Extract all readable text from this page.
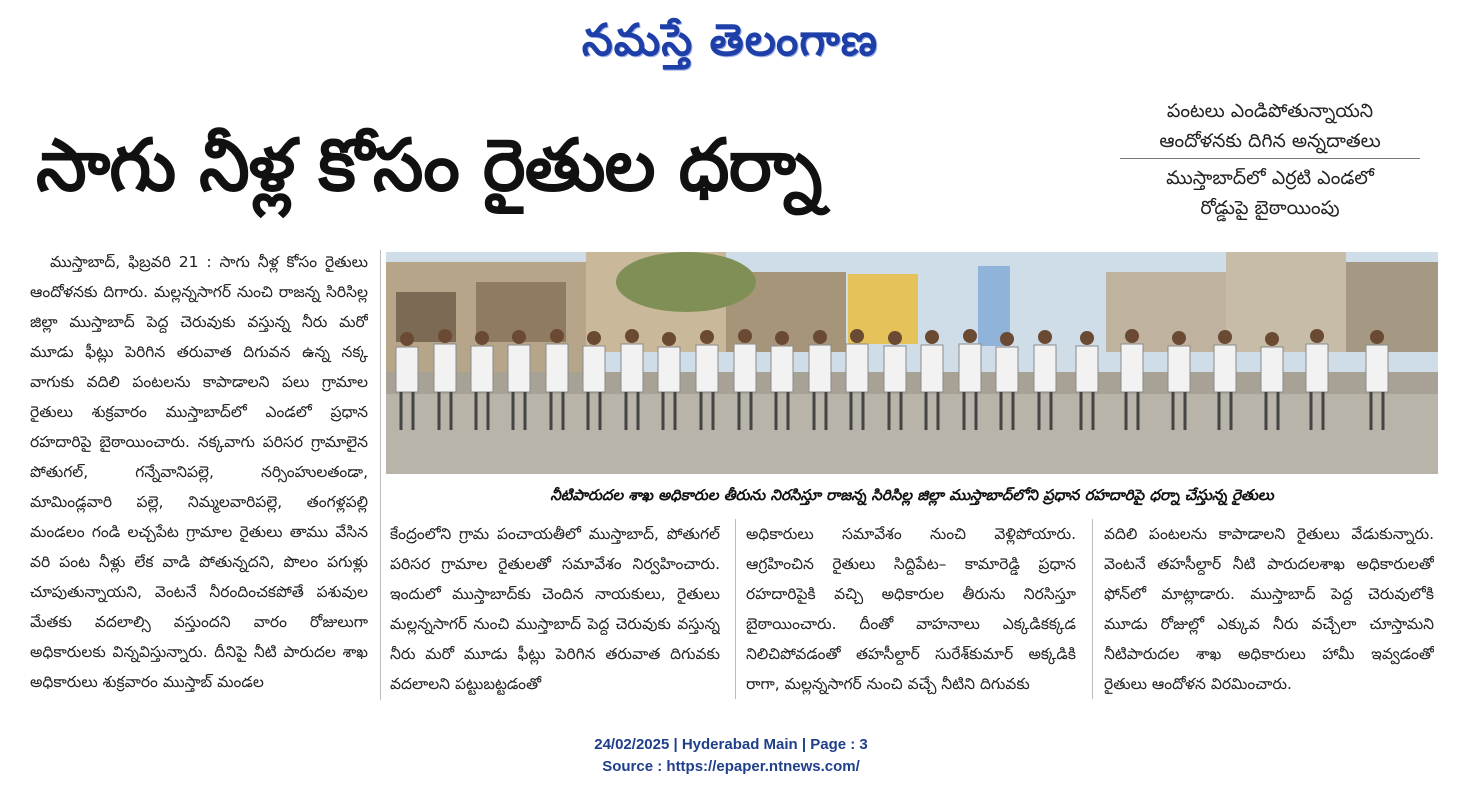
నమస్తే తెలంగాణ
సాగు నీళ్ల కోసం రైతుల ధర్నా
పంటలు ఎండిపోతున్నాయని
ఆందోళనకు దిగిన అన్నదాతలు
ముస్తాబాద్‌లో ఎర్రటి ఎండలో
రోడ్డుపై బైఠాయింపు
ముస్తాబాద్, ఫిబ్రవరి 21 : సాగు నీళ్ల కోసం రైతులు ఆందోళనకు దిగారు. మల్లన్నసాగర్ నుంచి రాజన్న సిరిసిల్ల జిల్లా ముస్తాబాద్ పెద్ద చెరువుకు వస్తున్న నీరు మరో మూడు ఫీట్లు పెరిగిన తరువాత దిగువన ఉన్న నక్క వాగుకు వదిలి పంటలను కాపాడాలని పలు గ్రామాల రైతులు శుక్రవారం ముస్తాబాద్‌లో ఎండలో ప్రధాన రహదారిపై బైఠాయించారు. నక్కవాగు పరిసర గ్రామాలైన పోతుగల్, గన్నేవానిపల్లె, నర్సింహులతండా, మామిండ్లవారి పల్లె, నిమ్మలవారిపల్లె, తంగళ్లపల్లి మండలం గండి లచ్చపేట గ్రామాల రైతులు తాము వేసిన వరి పంట నీళ్లు లేక వాడి పోతున్నదని, పొలం పగుళ్లు చూపుతున్నాయని, వెంటనే నీరందించకపోతే పశువుల మేతకు వదలాల్సి వస్తుందని వారం రోజులుగా అధికారులకు విన్నవిస్తున్నారు. దీనిపై నీటి పారుదల శాఖ అధికారులు శుక్రవారం ముస్తాబ్ మండల
నీటిపారుదల శాఖ అధికారుల తీరును నిరసిస్తూ రాజన్న సిరిసిల్ల జిల్లా ముస్తాబాద్‌లోని ప్రధాన రహదారిపై ధర్నా చేస్తున్న రైతులు
కేంద్రంలోని గ్రామ పంచాయతీలో ముస్తాబాద్, పోతుగల్ పరిసర గ్రామాల రైతులతో సమావేశం నిర్వహించారు. ఇందులో ముస్తాబాద్‌కు చెందిన నాయకులు, రైతులు మల్లన్నసాగర్ నుంచి ముస్తాబాద్ పెద్ద చెరువుకు వస్తున్న నీరు మరో మూడు ఫీట్లు పెరిగిన తరువాత దిగువకు వదలాలని పట్టుబట్టడంతో
అధికారులు సమావేశం నుంచి వెళ్లిపోయారు. ఆగ్రహించిన రైతులు సిద్దిపేట– కామారెడ్డి ప్రధాన రహదారిపైకి వచ్చి అధికారుల తీరును నిరసిస్తూ బైఠాయించారు. దీంతో వాహనాలు ఎక్కడికక్కడ నిలిచిపోవడంతో తహసీల్దార్ సురేశ్‌కుమార్ అక్కడికి రాగా, మల్లన్నసాగర్ నుంచి వచ్చే నీటిని దిగువకు
వదిలి పంటలను కాపాడాలని రైతులు వేడుకున్నారు. వెంటనే తహసీల్దార్ నీటి పారుదలశాఖ అధికారులతో ఫోన్‌లో మాట్లాడారు. ముస్తాబాద్ పెద్ద చెరువులోకి మూడు రోజుల్లో ఎక్కువ నీరు వచ్చేలా చూస్తామని నీటిపారుదల శాఖ అధికారులు హామీ ఇవ్వడంతో రైతులు ఆందోళన విరమించారు.
24/02/2025 | Hyderabad Main | Page : 3
Source : https://epaper.ntnews.com/
